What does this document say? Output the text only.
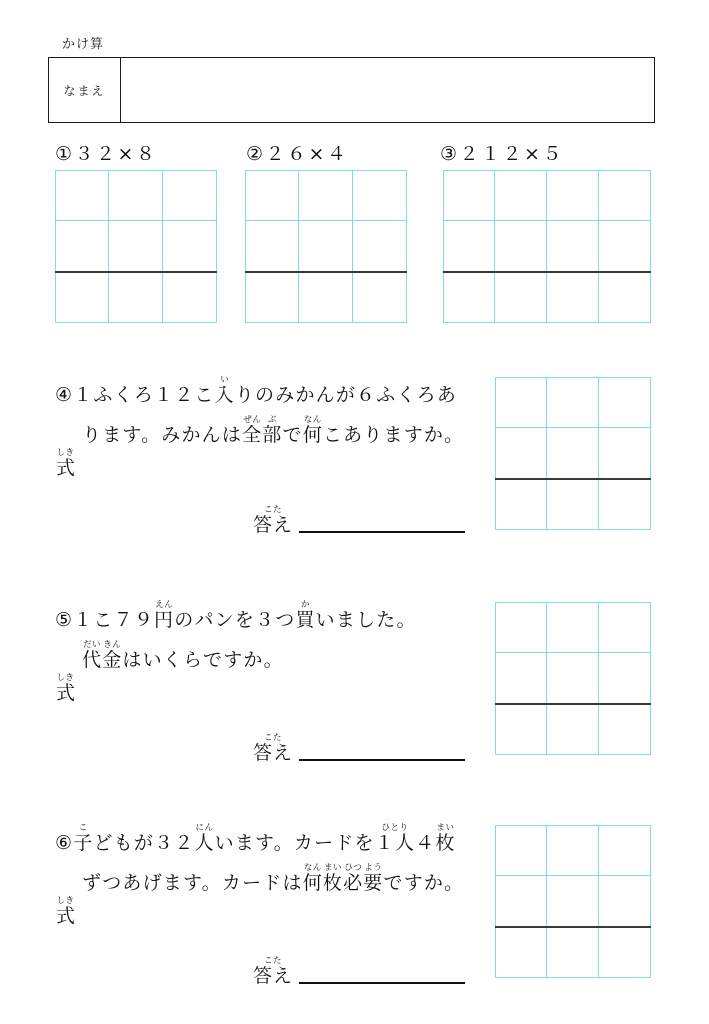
かけ算
なまえ
①３２×８	②２６×４	③２１２×５
④１ふくろ１２こ入いりのみかんが６ふくろあ
ります。みかんは全ぜん部ぶで何なんこありますか。
式しき
答えこた
⑤１こ７９円えんのパンを３つ買かいました。
代だい金きんはいくらですか。
式しき
答えこた
⑥子こどもが３２人にんいます。カードを１人ひとり４枚まい
ずつあげます。カードは何なん枚まい必ひつ要ようですか。
式しき
答えこた
